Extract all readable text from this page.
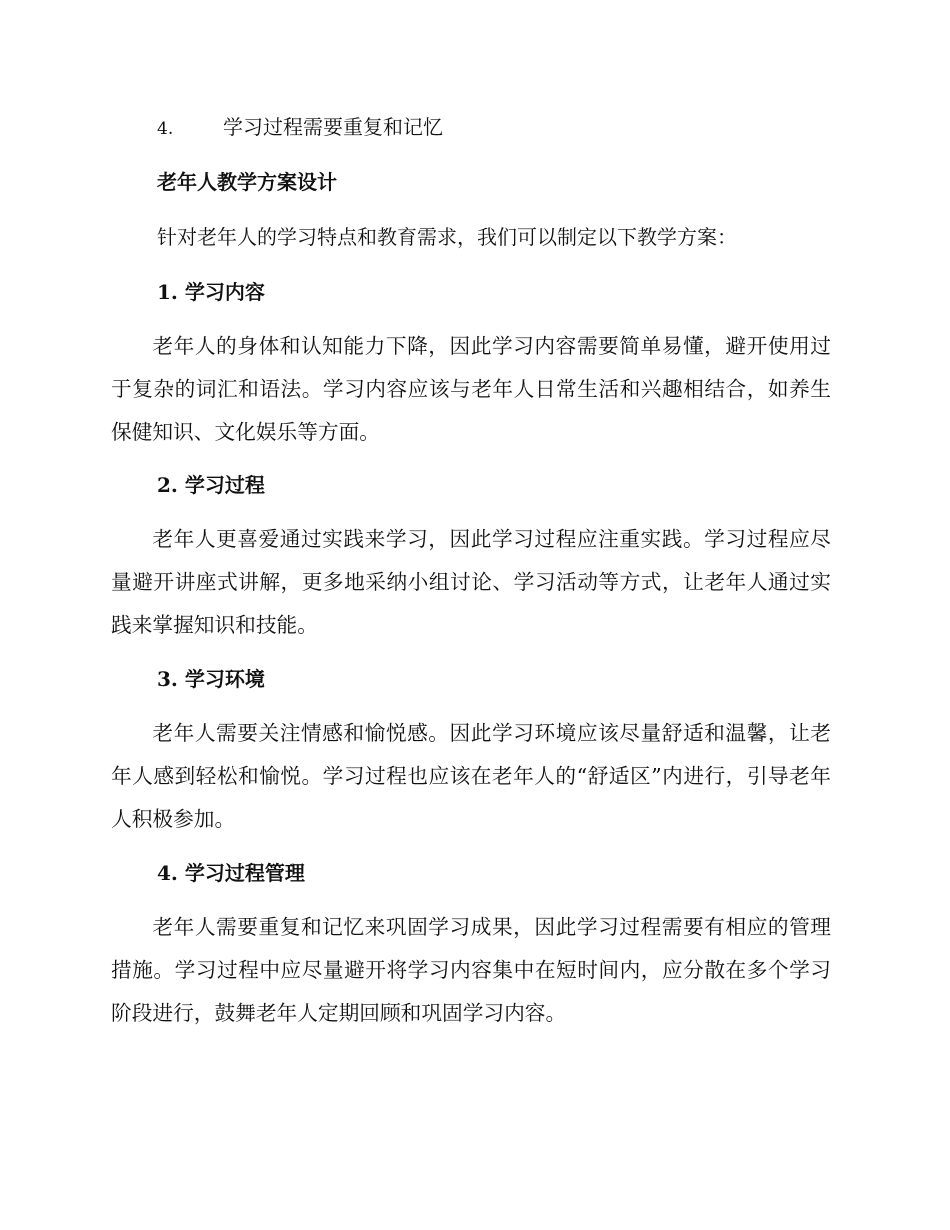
4. 学习过程需要重复和记忆
老年人教学方案设计
针对老年人的学习特点和教育需求，我们可以制定以下教学方案：
1. 学习内容

老年人的身体和认知能力下降，因此学习内容需要简单易懂，避开使用过于复杂的词汇和语法。学习内容应该与老年人日常生活和兴趣相结合，如养生保健知识、文化娱乐等方面。

2. 学习过程

老年人更喜爱通过实践来学习，因此学习过程应注重实践。学习过程应尽量避开讲座式讲解，更多地采纳小组讨论、学习活动等方式，让老年人通过实践来掌握知识和技能。

3. 学习环境

老年人需要关注情感和愉悦感。因此学习环境应该尽量舒适和温馨，让老年人感到轻松和愉悦。学习过程也应该在老年人的“舒适区”内进行，引导老年人积极参加。

4. 学习过程管理

老年人需要重复和记忆来巩固学习成果，因此学习过程需要有相应的管理措施。学习过程中应尽量避开将学习内容集中在短时间内，应分散在多个学习阶段进行，鼓舞老年人定期回顾和巩固学习内容。
